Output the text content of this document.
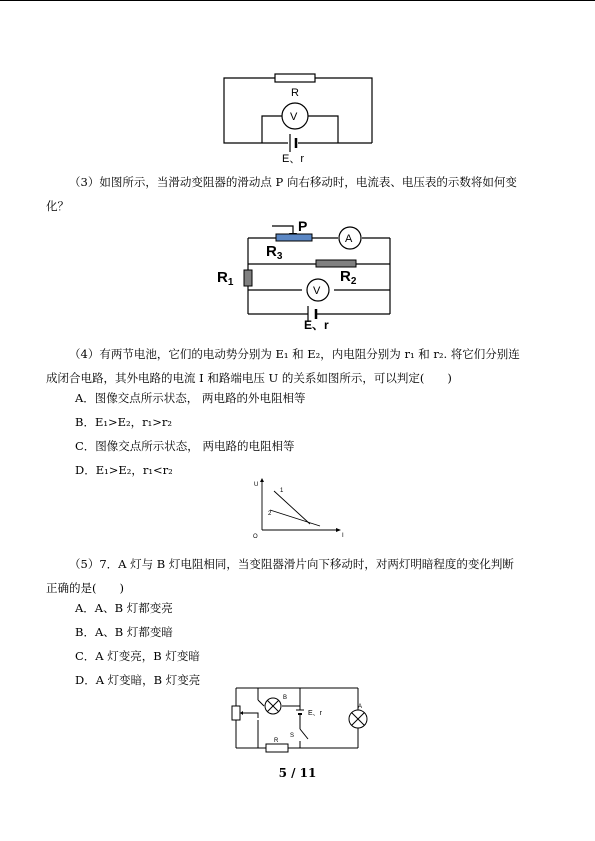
R
V
E、r
（3）如图所示，当滑动变阻器的滑动点 P 向右移动时，电流表、电压表的示数将如何变
化？
P
$R_3$
A
$R_2$
$R_1$
V
E、r
（4）有两节电池，它们的电动势分别为 E₁ 和 E₂，内电阻分别为 r₁ 和 r₂. 将它们分别连
成闭合电路，其外电路的电流 I 和路端电压 U 的关系如图所示，可以判定(　　)
A．图像交点所示状态， 两电路的外电阻相等
B．E₁>E₂，r₁>r₂
C．图像交点所示状态， 两电路的电阻相等
D．E₁>E₂，r₁<r₂
U
I
O
1
2
（5）7．A 灯与 B 灯电阻相同，当变阻器滑片向下移动时，对两灯明暗程度的变化判断
正确的是(　　)
A．A、B 灯都变亮
B．A、B 灯都变暗
C．A 灯变亮，B 灯变暗
D．A 灯变暗，B 灯变亮
B
A
E、r
S
R
5 / 11
